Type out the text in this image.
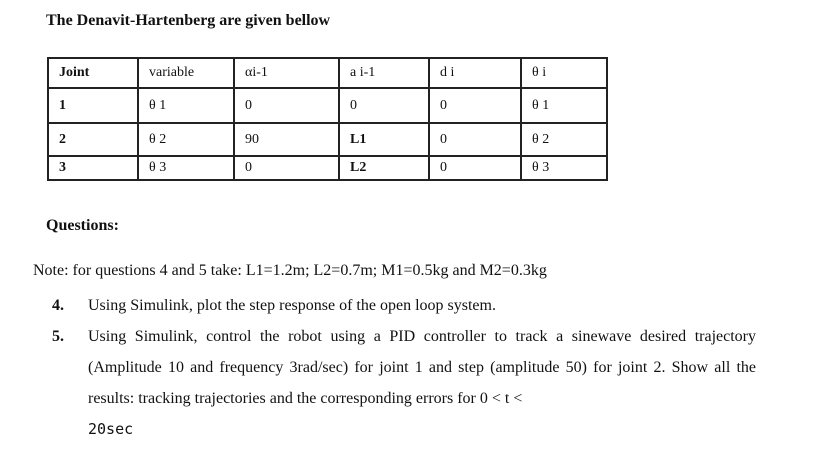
The Denavit-Hartenberg are given bellow
Joint	variable	αi-1	a i-1	d i	θ i
1	θ 1	0	0	0	θ 1
2	θ 2	90	L1	0	θ 2
3	θ 3	0	L2	0	θ 3
Questions:
Note: for questions 4 and 5 take: L1=1.2m; L2=0.7m; M1=0.5kg and M2=0.3kg
4. Using Simulink, plot the step response of the open loop system.
5. Using Simulink, control the robot using a PID controller to track a sinewave desired trajectory (Amplitude 10 and frequency 3rad/sec) for joint 1 and step (amplitude 50) for joint 2. Show all the results: tracking trajectories and the corresponding errors for 0 < t <
20sec
